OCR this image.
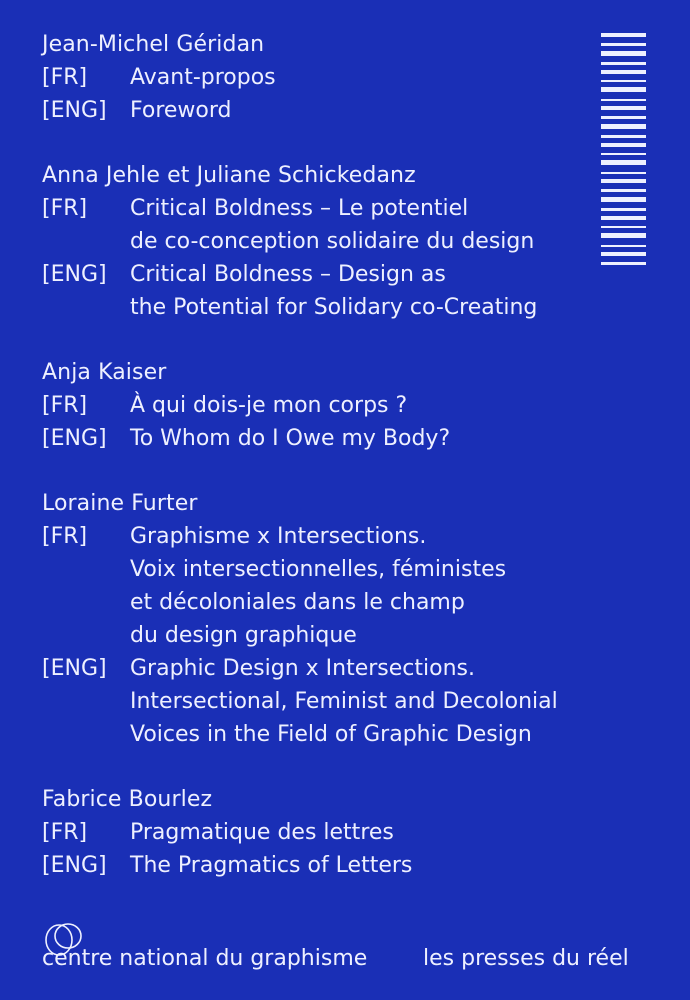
Jean-Michel Géridan
[FR]	Avant-propos
[ENG]	Foreword
Anna Jehle et Juliane Schickedanz
[FR]	Critical Boldness – Le potentiel
de co-conception solidaire du design
[ENG]	Critical Boldness – Design as
the Potential for Solidary co-Creating
Anja Kaiser
[FR]	À qui dois-je mon corps ?
[ENG]	To Whom do I Owe my Body?
Loraine Furter
[FR]	Graphisme x Intersections.
Voix intersectionnelles, féministes
et décoloniales dans le champ
du design graphique
[ENG]	Graphic Design x Intersections.
Intersectional, Feminist and Decolonial
Voices in the Field of Graphic Design
Fabrice Bourlez
[FR]	Pragmatique des lettres
[ENG]	The Pragmatics of Letters
centre national du graphisme	les presses du réel
